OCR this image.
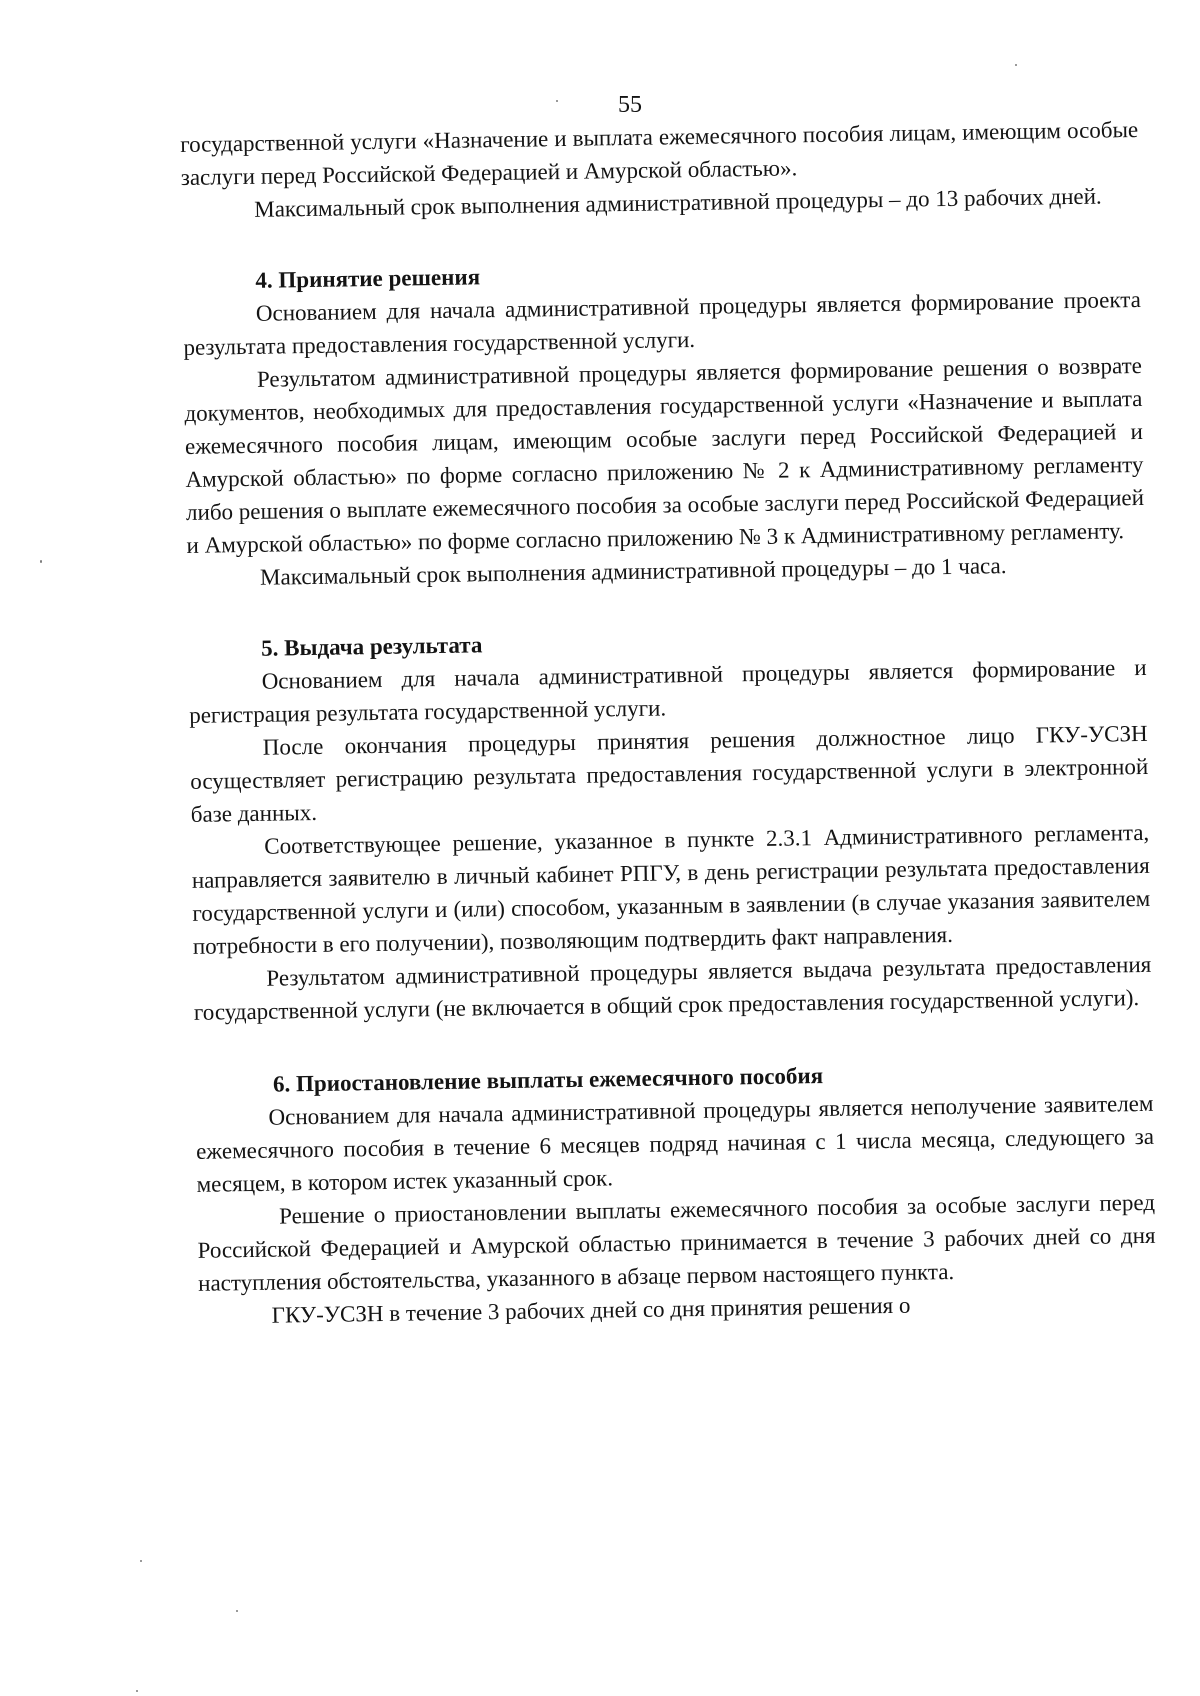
55

государственной услуги «Назначение и выплата ежемесячного пособия лицам, имеющим особые заслуги перед Российской Федерацией и Амурской областью».

Максимальный срок выполнения административной процедуры – до 13 рабочих дней.

4. Принятие решения

Основанием для начала административной процедуры является формирование проекта результата предоставления государственной услуги.

Результатом административной процедуры является формирование решения о возврате документов, необходимых для предоставления государственной услуги «Назначение и выплата ежемесячного пособия лицам, имеющим особые заслуги перед Российской Федерацией и Амурской областью» по форме согласно приложению № 2 к Административному регламенту либо решения о выплате ежемесячного пособия за особые заслуги перед Российской Федерацией и Амурской областью» по форме согласно приложению № 3 к Административному регламенту.

Максимальный срок выполнения административной процедуры – до 1 часа.

5. Выдача результата

Основанием для начала административной процедуры является формирование и регистрация результата государственной услуги.

После окончания процедуры принятия решения должностное лицо ГКУ-УСЗН осуществляет регистрацию результата предоставления государственной услуги в электронной базе данных.

Соответствующее решение, указанное в пункте 2.3.1 Административного регламента, направляется заявителю в личный кабинет РПГУ, в день регистрации результата предоставления государственной услуги и (или) способом, указанным в заявлении (в случае указания заявителем потребности в его получении), позволяющим подтвердить факт направления.

Результатом административной процедуры является выдача результата предоставления государственной услуги (не включается в общий срок предоставления государственной услуги).

6. Приостановление выплаты ежемесячного пособия

Основанием для начала административной процедуры является неполучение заявителем ежемесячного пособия в течение 6 месяцев подряд начиная с 1 числа месяца, следующего за месяцем, в котором истек указанный срок.

Решение о приостановлении выплаты ежемесячного пособия за особые заслуги перед Российской Федерацией и Амурской областью принимается в течение 3 рабочих дней со дня наступления обстоятельства, указанного в абзаце первом настоящего пункта.

ГКУ-УСЗН в течение 3 рабочих дней со дня принятия решения о
